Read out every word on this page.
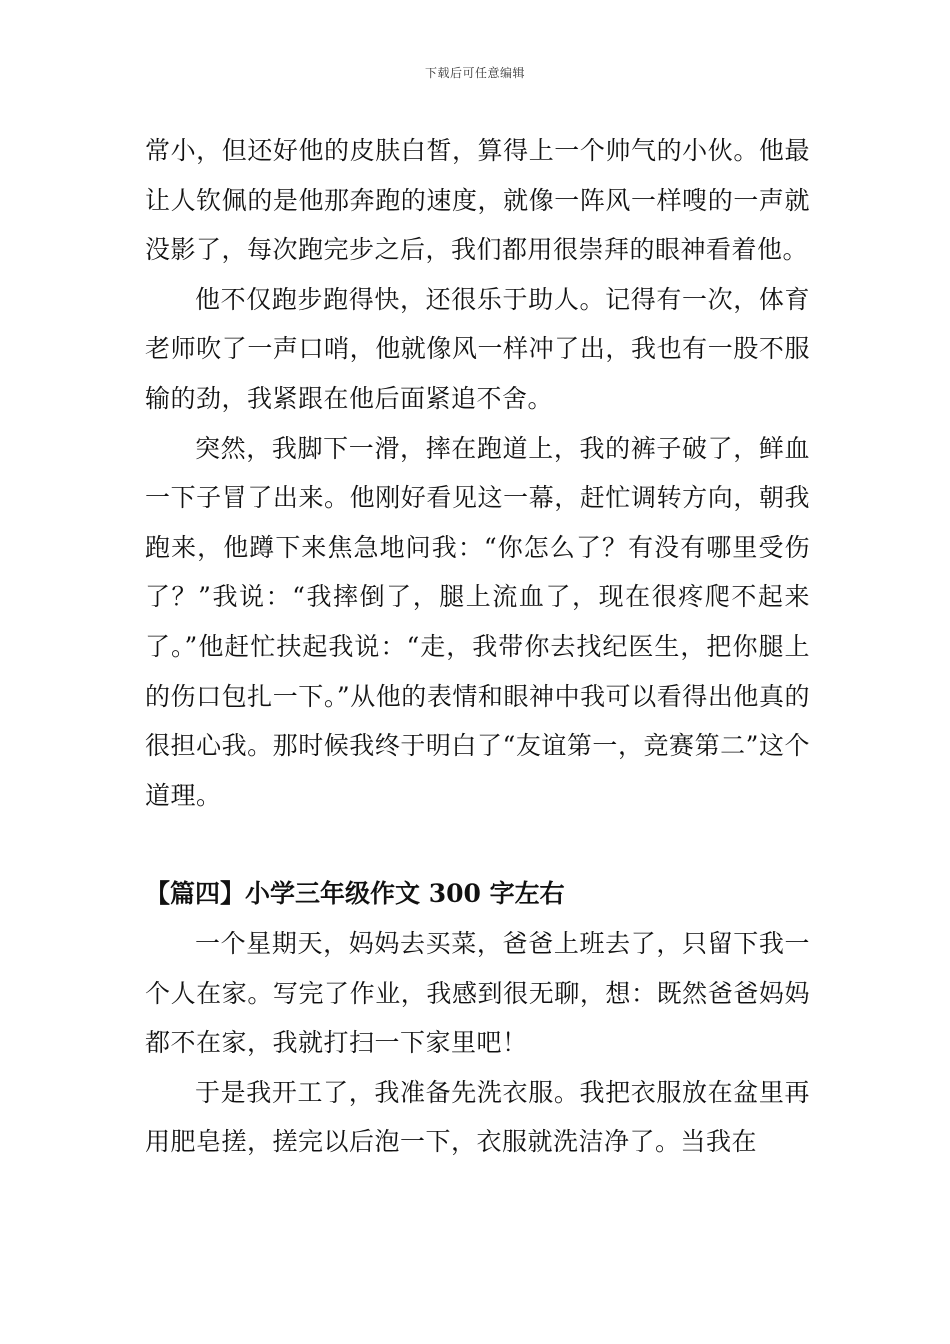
下载后可任意编辑

常小，但还好他的皮肤白皙，算得上一个帅气的小伙。他最让人钦佩的是他那奔跑的速度，就像一阵风一样嗖的一声就没影了，每次跑完步之后，我们都用很崇拜的眼神看着他。

他不仅跑步跑得快，还很乐于助人。记得有一次，体育老师吹了一声口哨，他就像风一样冲了出，我也有一股不服输的劲，我紧跟在他后面紧追不舍。

突然，我脚下一滑，摔在跑道上，我的裤子破了，鲜血一下子冒了出来。他刚好看见这一幕，赶忙调转方向，朝我跑来，他蹲下来焦急地问我：“你怎么了？有没有哪里受伤了？”我说：“我摔倒了，腿上流血了，现在很疼爬不起来了。”他赶忙扶起我说：“走，我带你去找纪医生，把你腿上的伤口包扎一下。”从他的表情和眼神中我可以看得出他真的很担心我。那时候我终于明白了“友谊第一，竞赛第二”这个道理。

【篇四】小学三年级作文 300 字左右

一个星期天，妈妈去买菜，爸爸上班去了，只留下我一个人在家。写完了作业，我感到很无聊，想：既然爸爸妈妈都不在家，我就打扫一下家里吧！

于是我开工了，我准备先洗衣服。我把衣服放在盆里再用肥皂搓，搓完以后泡一下，衣服就洗洁净了。当我在
